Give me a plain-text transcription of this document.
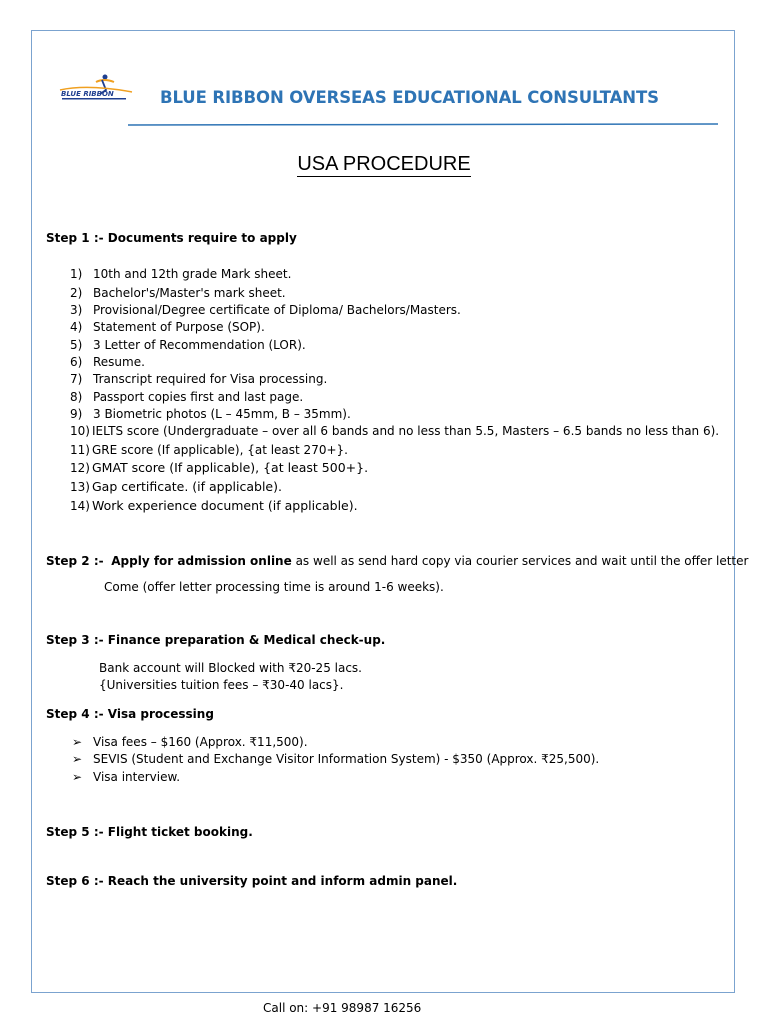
BLUE RIBBON	BLUE RIBBON OVERSEAS EDUCATIONAL CONSULTANTS
USA PROCEDURE
Step 1 :- Documents require to apply
1) 10th and 12th grade Mark sheet.
2) Bachelor's/Master's mark sheet.
3) Provisional/Degree certificate of Diploma/ Bachelors/Masters.
4) Statement of Purpose (SOP).
5) 3 Letter of Recommendation (LOR).
6) Resume.
7) Transcript required for Visa processing.
8) Passport copies first and last page.
9) 3 Biometric photos (L – 45mm, B – 35mm).
10) IELTS score (Undergraduate – over all 6 bands and no less than 5.5, Masters – 6.5 bands no less than 6).
11) GRE score (If applicable), {at least 270+}.
12) GMAT score (If applicable), {at least 500+}.
13) Gap certificate. (if applicable).
14) Work experience document (if applicable).
Step 2 :- Apply for admission online as well as send hard copy via courier services and wait until the offer letter
Come (offer letter processing time is around 1-6 weeks).
Step 3 :- Finance preparation & Medical check-up.
Bank account will Blocked with ₹20-25 lacs.
{Universities tuition fees – ₹30-40 lacs}.
Step 4 :- Visa processing
➢ Visa fees – $160 (Approx. ₹11,500).
➢ SEVIS (Student and Exchange Visitor Information System) - $350 (Approx. ₹25,500).
➢ Visa interview.
Step 5 :- Flight ticket booking.
Step 6 :- Reach the university point and inform admin panel.
Call on: +91 98987 16256
